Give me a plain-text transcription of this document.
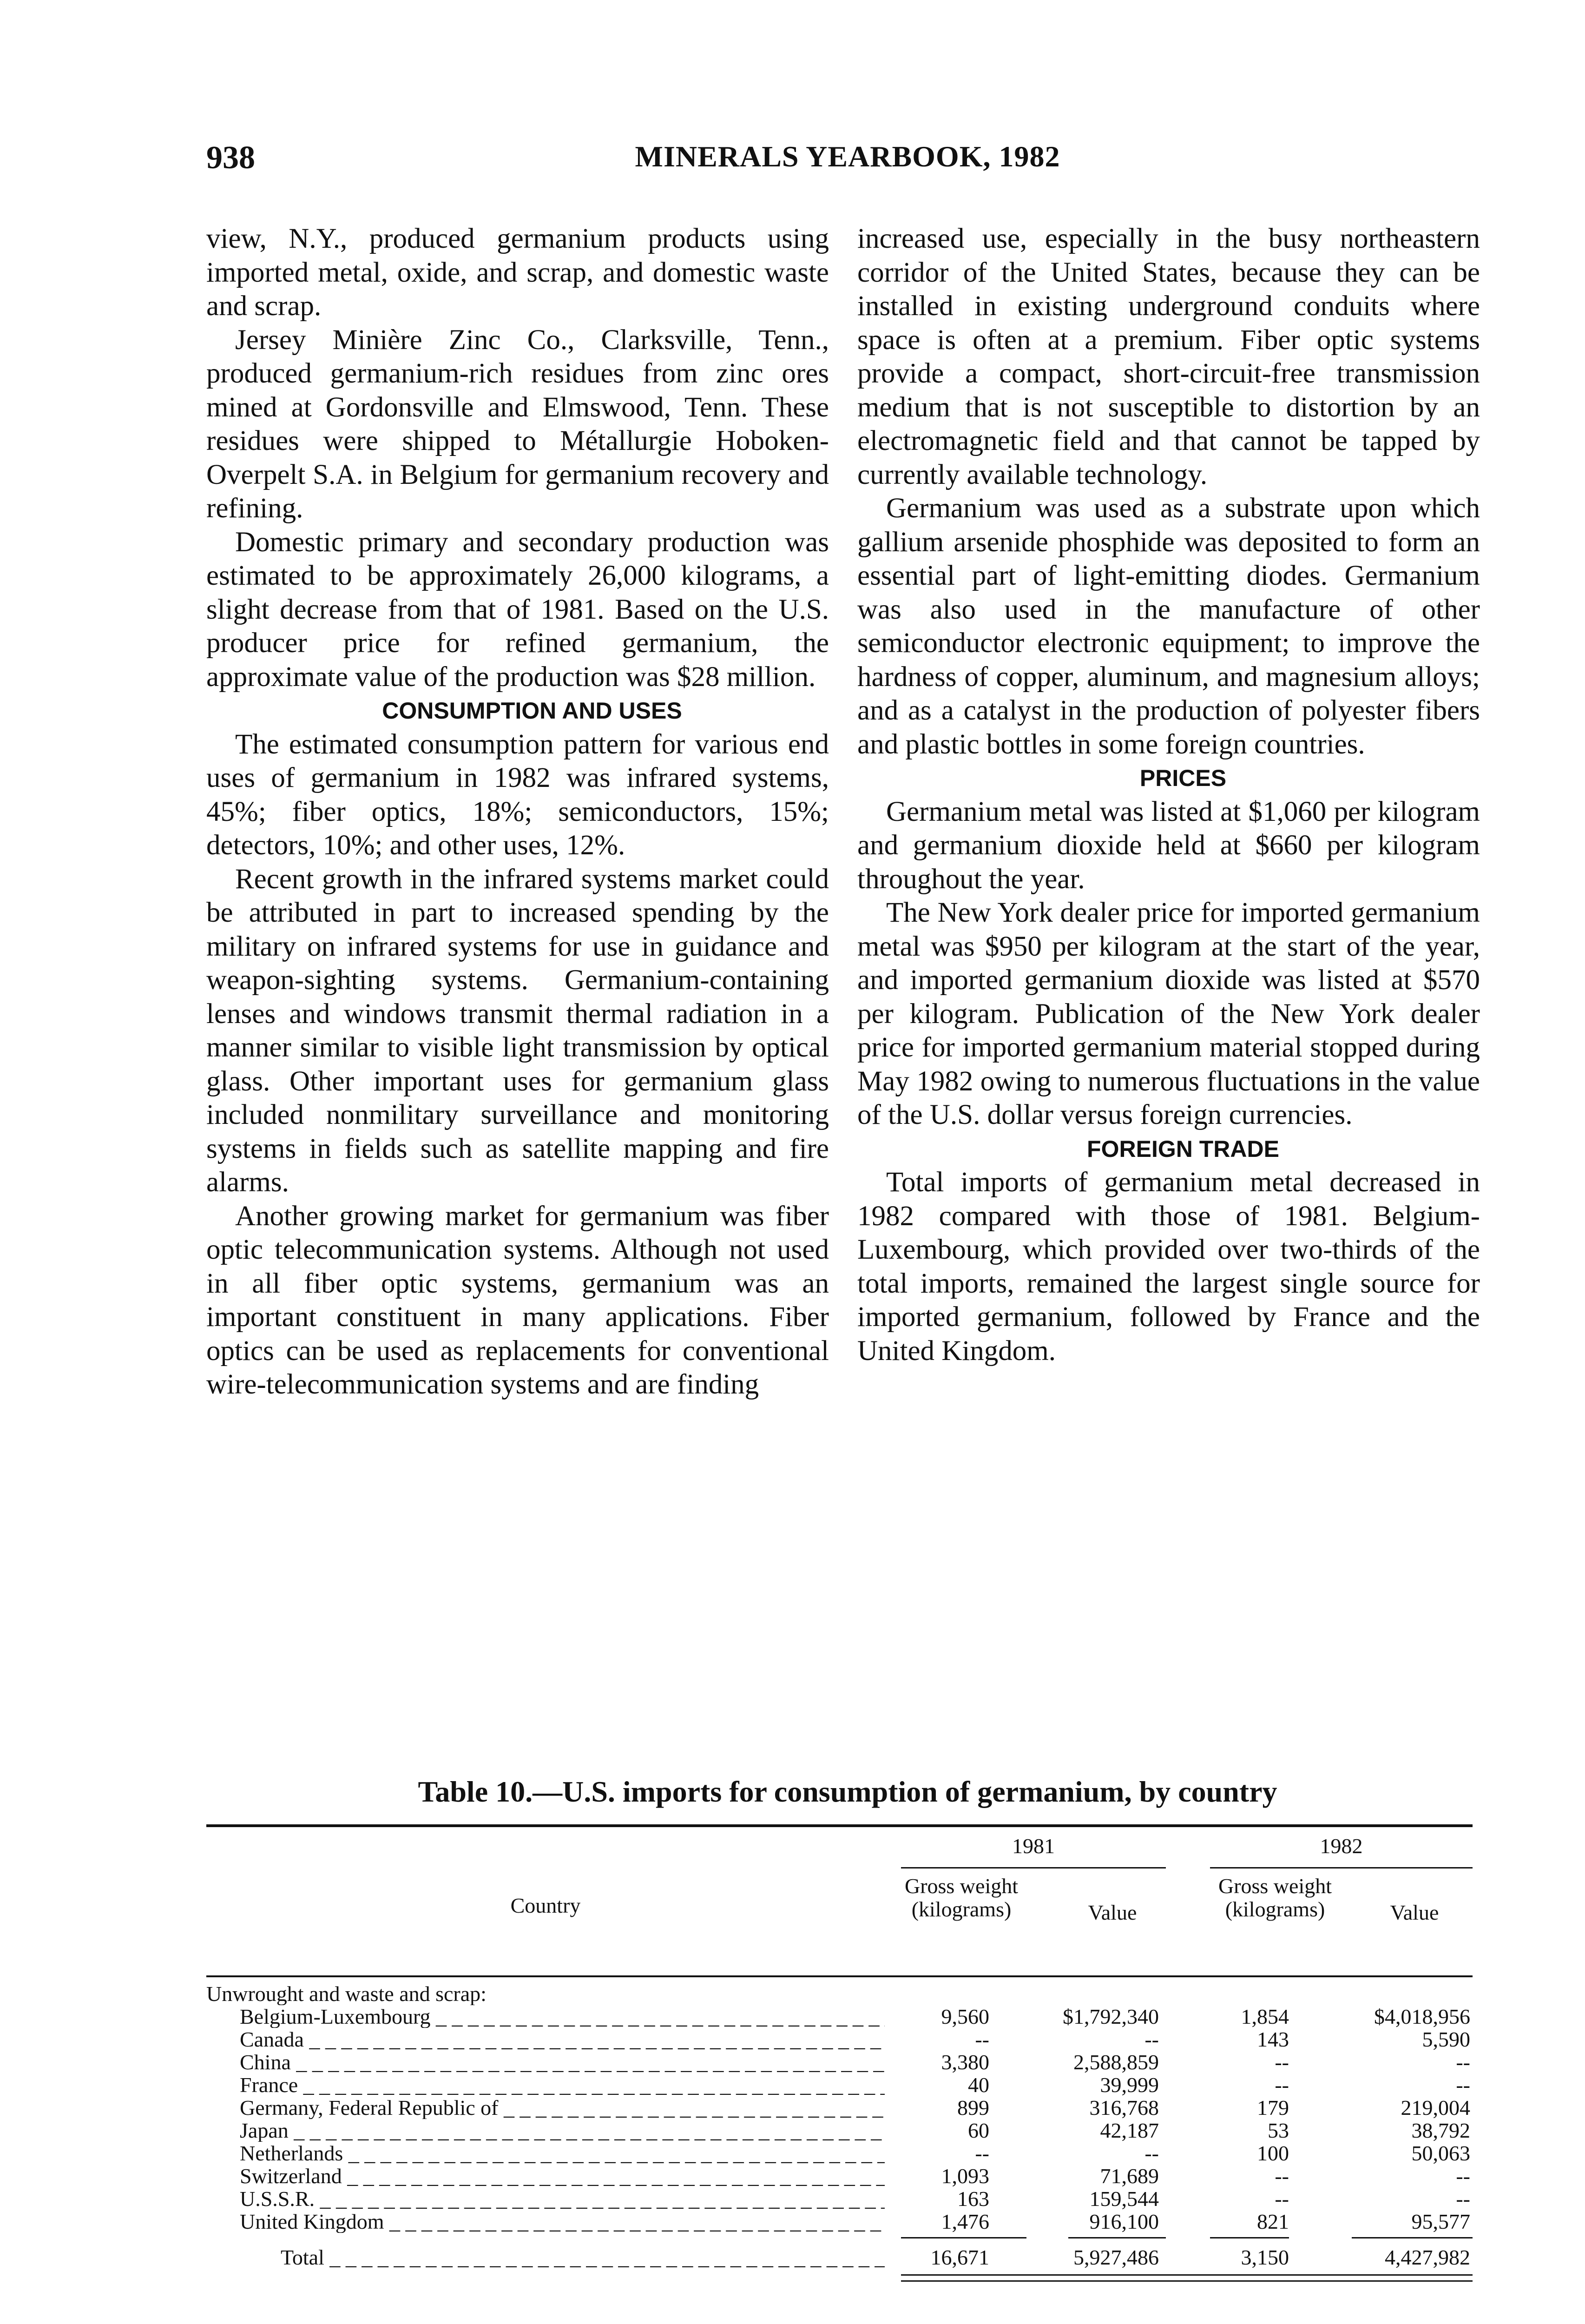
938	MINERALS YEARBOOK, 1982

view, N.Y., produced germanium products using imported metal, oxide, and scrap, and domestic waste and scrap.

Jersey Minière Zinc Co., Clarksville, Tenn., produced germanium-rich residues from zinc ores mined at Gordonsville and Elmswood, Tenn. These residues were shipped to Métallurgie Hoboken-Overpelt S.A. in Belgium for germanium recovery and refining.

Domestic primary and secondary production was estimated to be approximately 26,000 kilograms, a slight decrease from that of 1981. Based on the U.S. producer price for refined germanium, the approximate value of the production was $28 million.

CONSUMPTION AND USES

The estimated consumption pattern for various end uses of germanium in 1982 was infrared systems, 45%; fiber optics, 18%; semiconductors, 15%; detectors, 10%; and other uses, 12%.

Recent growth in the infrared systems market could be attributed in part to increased spending by the military on infrared systems for use in guidance and weapon-sighting systems. Germanium-containing lenses and windows transmit thermal radiation in a manner similar to visible light transmission by optical glass. Other important uses for germanium glass included nonmilitary surveillance and monitoring systems in fields such as satellite mapping and fire alarms.

Another growing market for germanium was fiber optic telecommunication systems. Although not used in all fiber optic systems, germanium was an important constituent in many applications. Fiber optics can be used as replacements for conventional wire-telecommunication systems and are finding

increased use, especially in the busy northeastern corridor of the United States, because they can be installed in existing underground conduits where space is often at a premium. Fiber optic systems provide a compact, short-circuit-free transmission medium that is not susceptible to distortion by an electromagnetic field and that cannot be tapped by currently available technology.

Germanium was used as a substrate upon which gallium arsenide phosphide was deposited to form an essential part of light-emitting diodes. Germanium was also used in the manufacture of other semiconductor electronic equipment; to improve the hardness of copper, aluminum, and magnesium alloys; and as a catalyst in the production of polyester fibers and plastic bottles in some foreign countries.

PRICES

Germanium metal was listed at $1,060 per kilogram and germanium dioxide held at $660 per kilogram throughout the year.

The New York dealer price for imported germanium metal was $950 per kilogram at the start of the year, and imported germanium dioxide was listed at $570 per kilogram. Publication of the New York dealer price for imported germanium material stopped during May 1982 owing to numerous fluctuations in the value of the U.S. dollar versus foreign currencies.

FOREIGN TRADE

Total imports of germanium metal decreased in 1982 compared with those of 1981. Belgium-Luxembourg, which provided over two-thirds of the total imports, remained the largest single source for imported germanium, followed by France and the United Kingdom.

Table 10.—U.S. imports for consumption of germanium, by country
1981	1982
Country
Gross weight (kilograms)	Value
Gross weight (kilograms)	Value
Unwrought and waste and scrap:
Belgium-Luxembourg _ _ _	9,560	$1,792,340	1,854	$4,018,956
Canada _ _ _	--	--	143	5,590
China _ _ _	3,380	2,588,859	--	--
France _ _ _	40	39,999	--	--
Germany, Federal Republic of _ _ _	899	316,768	179	219,004
Japan _ _ _	60	42,187	53	38,792
Netherlands _ _ _	--	--	100	50,063
Switzerland _ _ _	1,093	71,689	--	--
U.S.S.R. _ _ _	163	159,544	--	--
United Kingdom _ _ _	1,476	916,100	821	95,577
Total _ _ _	16,671	5,927,486	3,150	4,427,982
